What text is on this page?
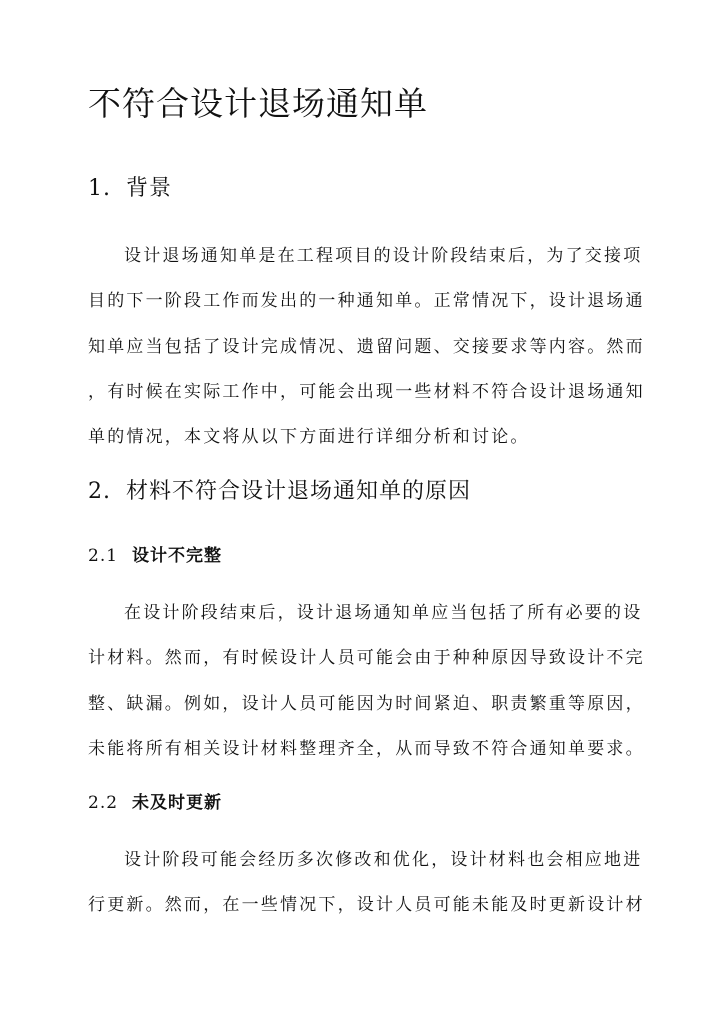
不符合设计退场通知单
1. 背景
设计退场通知单是在工程项目的设计阶段结束后，为了交接项
目的下一阶段工作而发出的一种通知单。正常情况下，设计退场通
知单应当包括了设计完成情况、遗留问题、交接要求等内容。然而
，有时候在实际工作中，可能会出现一些材料不符合设计退场通知
单的情况，本文将从以下方面进行详细分析和讨论。
2. 材料不符合设计退场通知单的原因
2.1 设计不完整
在设计阶段结束后，设计退场通知单应当包括了所有必要的设
计材料。然而，有时候设计人员可能会由于种种原因导致设计不完
整、缺漏。例如，设计人员可能因为时间紧迫、职责繁重等原因，
未能将所有相关设计材料整理齐全，从而导致不符合通知单要求。
2.2 未及时更新
设计阶段可能会经历多次修改和优化，设计材料也会相应地进
行更新。然而，在一些情况下，设计人员可能未能及时更新设计材
